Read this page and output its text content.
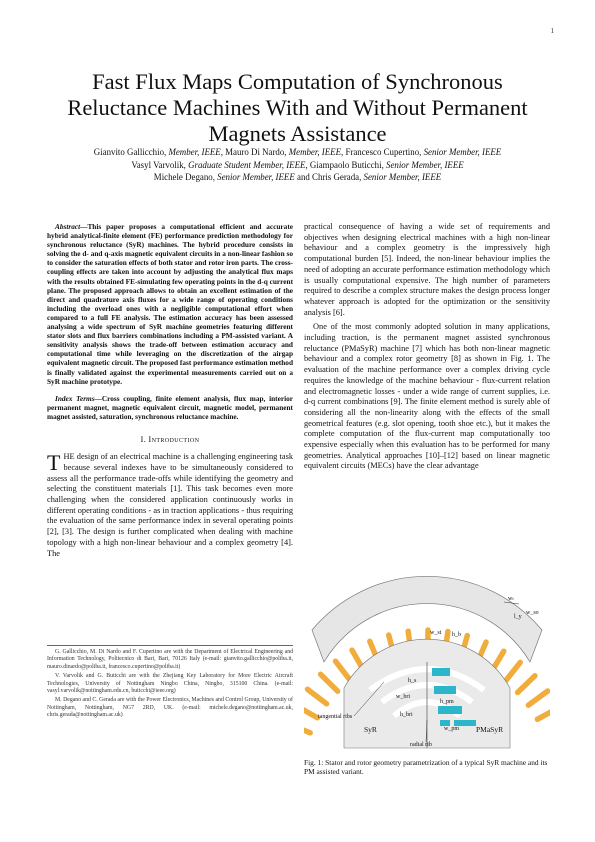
1
Fast Flux Maps Computation of Synchronous Reluctance Machines With and Without Permanent Magnets Assistance
Gianvito Gallicchio, Member, IEEE, Mauro Di Nardo, Member, IEEE, Francesco Cupertino, Senior Member, IEEE
Vasyl Varvolik, Graduate Student Member, IEEE, Giampaolo Buticchi, Senior Member, IEEE
Michele Degano, Senior Member, IEEE and Chris Gerada, Senior Member, IEEE

Abstract—This paper proposes a computational efficient and accurate hybrid analytical-finite element (FE) performance prediction methodology for synchronous reluctance (SyR) machines. The hybrid procedure consists in solving the d- and q-axis magnetic equivalent circuits in a non-linear fashion so to consider the saturation effects of both stator and rotor iron parts. The cross-coupling effects are taken into account by adjusting the analytical flux maps with the results obtained FE-simulating few operating points in the d-q current plane. The proposed approach allows to obtain an excellent estimation of the direct and quadrature axis fluxes for a wide range of operating conditions including the overload ones with a negligible computational effort when compared to a full FE analysis. The estimation accuracy has been assessed analysing a wide spectrum of SyR machine geometries featuring different stator slots and flux barriers combinations including a PM-assisted variant. A sensitivity analysis shows the trade-off between estimation accuracy and computational time while leveraging on the discretization of the airgap equivalent magnetic circuit. The proposed fast performance estimation method is finally validated against the experimental measurements carried out on a SyR machine prototype.

Index Terms—Cross coupling, finite element analysis, flux map, interior permanent magnet, magnetic equivalent circuit, magnetic model, permanent magnet assisted, saturation, synchronous reluctance machine.

I. Introduction

THE design of an electrical machine is a challenging engineering task because several indexes have to be simultaneously considered to assess all the performance trade-offs while identifying the geometry and selecting the constituent materials [1]. This task becomes even more challenging when the considered application continuously works in different operating conditions - as in traction applications - thus requiring the evaluation of the same performance index in several operating points [2], [3]. The design is further complicated when dealing with machine topology with a high non-linear behaviour and a complex geometry [4]. The

G. Gallicchio, M. Di Nardo and F. Cupertino are with the Department of Electrical Engineering and Information Technology, Politecnico di Bari, Bari, 70126 Italy (e-mail: gianvito.gallicchio@poliba.it, mauro.dinardo@poliba.it, francesco.cupertino@poliba.it)

V. Varvolik and G. Buticchi are with the Zhejiang Key Laboratory for More Electric Aircraft Technologies, University of Nottingham Ningbo China, Ningbo, 315100 China. (e-mail: vasyl.varvolik@nottingham.edu.cn, buticchi@ieee.org)

M. Degano and C. Gerada are with the Power Electronics, Machines and Control Group, University of Nottingham, Nottingham, NG7 2RD, UK. (e-mail: michele.degano@nottingham.ac.uk, chris.gerada@nottingham.ac.uk)

practical consequence of having a wide set of requirements and objectives when designing electrical machines with a high non-linear behaviour and a complex geometry is the impressively high computational burden [5]. Indeed, the non-linear behaviour implies the need of adopting an accurate performance estimation methodology which is usually computational expensive. The high number of parameters required to describe a complex structure makes the design process longer whatever approach is adopted for the optimization or the sensitivity analysis [6].

One of the most commonly adopted solution in many applications, including traction, is the permanent magnet assisted synchronous reluctance (PMaSyR) machine [7] which has both non-linear magnetic behaviour and a complex rotor geometry [8] as shown in Fig. 1. The evaluation of the machine performance over a complex driving cycle requires the knowledge of the machine behaviour - flux-current relation and electromagnetic losses - under a wide range of current supplies, i.e. d-q current combinations [9]. The finite element method is surely able of considering all the non-linearity along with the effects of the small geometrical features (e.g. slot opening, tooth shoe etc.), but it makes the complete computation of the flux-current map computationally too expensive especially when this evaluation has to be performed for many geometries. Analytical approaches [10]–[12] based on linear magnetic equivalent circuits (MECs) have the clear advantage

wₜ
l_y
w_so
h_b
w_st
h_s
tangential ribs
SyR	PMaSyR
radial rib
h_pm
w_pm
w_bri
h_bri
Fig. 1: Stator and rotor geometry parametrization of a typical SyR machine and its PM assisted variant.
